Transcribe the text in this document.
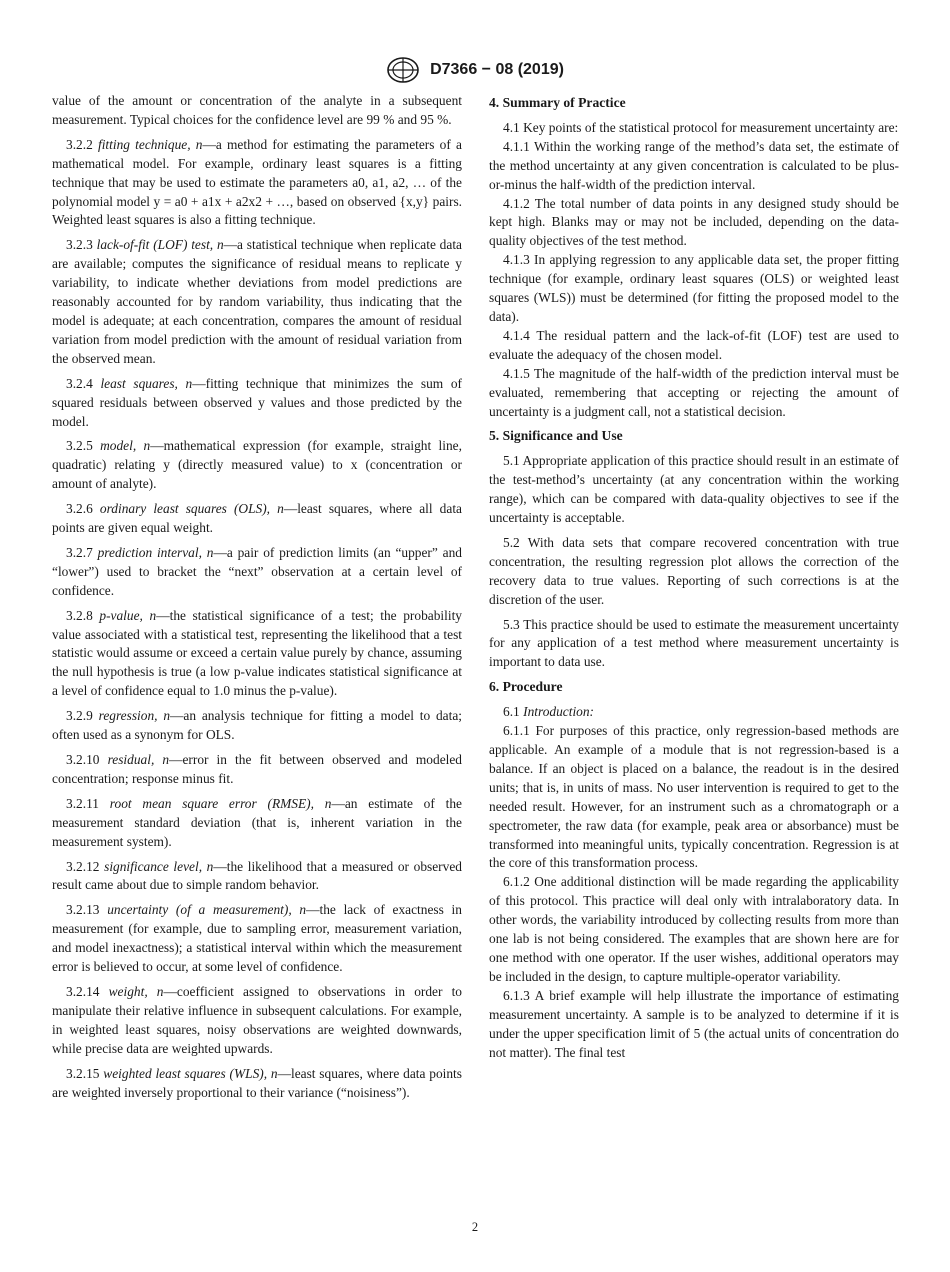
D7366 − 08 (2019)

value of the amount or concentration of the analyte in a subsequent measurement. Typical choices for the confidence level are 99 % and 95 %.

3.2.2 fitting technique, n—a method for estimating the parameters of a mathematical model. For example, ordinary least squares is a fitting technique that may be used to estimate the parameters a0, a1, a2, … of the polynomial model y = a0 + a1x + a2x2 + …, based on observed {x,y} pairs. Weighted least squares is also a fitting technique.

3.2.3 lack-of-fit (LOF) test, n—a statistical technique when replicate data are available; computes the significance of residual means to replicate y variability, to indicate whether deviations from model predictions are reasonably accounted for by random variability, thus indicating that the model is adequate; at each concentration, compares the amount of residual variation from model prediction with the amount of residual variation from the observed mean.

3.2.4 least squares, n—fitting technique that minimizes the sum of squared residuals between observed y values and those predicted by the model.

3.2.5 model, n—mathematical expression (for example, straight line, quadratic) relating y (directly measured value) to x (concentration or amount of analyte).

3.2.6 ordinary least squares (OLS), n—least squares, where all data points are given equal weight.

3.2.7 prediction interval, n—a pair of prediction limits (an “upper” and “lower”) used to bracket the “next” observation at a certain level of confidence.

3.2.8 p-value, n—the statistical significance of a test; the probability value associated with a statistical test, representing the likelihood that a test statistic would assume or exceed a certain value purely by chance, assuming the null hypothesis is true (a low p-value indicates statistical significance at a level of confidence equal to 1.0 minus the p-value).

3.2.9 regression, n—an analysis technique for fitting a model to data; often used as a synonym for OLS.

3.2.10 residual, n—error in the fit between observed and modeled concentration; response minus fit.

3.2.11 root mean square error (RMSE), n—an estimate of the measurement standard deviation (that is, inherent variation in the measurement system).

3.2.12 significance level, n—the likelihood that a measured or observed result came about due to simple random behavior.

3.2.13 uncertainty (of a measurement), n—the lack of exactness in measurement (for example, due to sampling error, measurement variation, and model inexactness); a statistical interval within which the measurement error is believed to occur, at some level of confidence.

3.2.14 weight, n—coefficient assigned to observations in order to manipulate their relative influence in subsequent calculations. For example, in weighted least squares, noisy observations are weighted downwards, while precise data are weighted upwards.

3.2.15 weighted least squares (WLS), n—least squares, where data points are weighted inversely proportional to their variance (“noisiness”).

4. Summary of Practice

4.1 Key points of the statistical protocol for measurement uncertainty are:

4.1.1 Within the working range of the method’s data set, the estimate of the method uncertainty at any given concentration is calculated to be plus-or-minus the half-width of the prediction interval.

4.1.2 The total number of data points in any designed study should be kept high. Blanks may or may not be included, depending on the data-quality objectives of the test method.

4.1.3 In applying regression to any applicable data set, the proper fitting technique (for example, ordinary least squares (OLS) or weighted least squares (WLS)) must be determined (for fitting the proposed model to the data).

4.1.4 The residual pattern and the lack-of-fit (LOF) test are used to evaluate the adequacy of the chosen model.

4.1.5 The magnitude of the half-width of the prediction interval must be evaluated, remembering that accepting or rejecting the amount of uncertainty is a judgment call, not a statistical decision.

5. Significance and Use

5.1 Appropriate application of this practice should result in an estimate of the test-method’s uncertainty (at any concentration within the working range), which can be compared with data-quality objectives to see if the uncertainty is acceptable.

5.2 With data sets that compare recovered concentration with true concentration, the resulting regression plot allows the correction of the recovery data to true values. Reporting of such corrections is at the discretion of the user.

5.3 This practice should be used to estimate the measurement uncertainty for any application of a test method where measurement uncertainty is important to data use.

6. Procedure

6.1 Introduction:

6.1.1 For purposes of this practice, only regression-based methods are applicable. An example of a module that is not regression-based is a balance. If an object is placed on a balance, the readout is in the desired units; that is, in units of mass. No user intervention is required to get to the needed result. However, for an instrument such as a chromatograph or a spectrometer, the raw data (for example, peak area or absorbance) must be transformed into meaningful units, typically concentration. Regression is at the core of this transformation process.

6.1.2 One additional distinction will be made regarding the applicability of this protocol. This practice will deal only with intralaboratory data. In other words, the variability introduced by collecting results from more than one lab is not being considered. The examples that are shown here are for one method with one operator. If the user wishes, additional operators may be included in the design, to capture multiple-operator variability.

6.1.3 A brief example will help illustrate the importance of estimating measurement uncertainty. A sample is to be analyzed to determine if it is under the upper specification limit of 5 (the actual units of concentration do not matter). The final test

2
